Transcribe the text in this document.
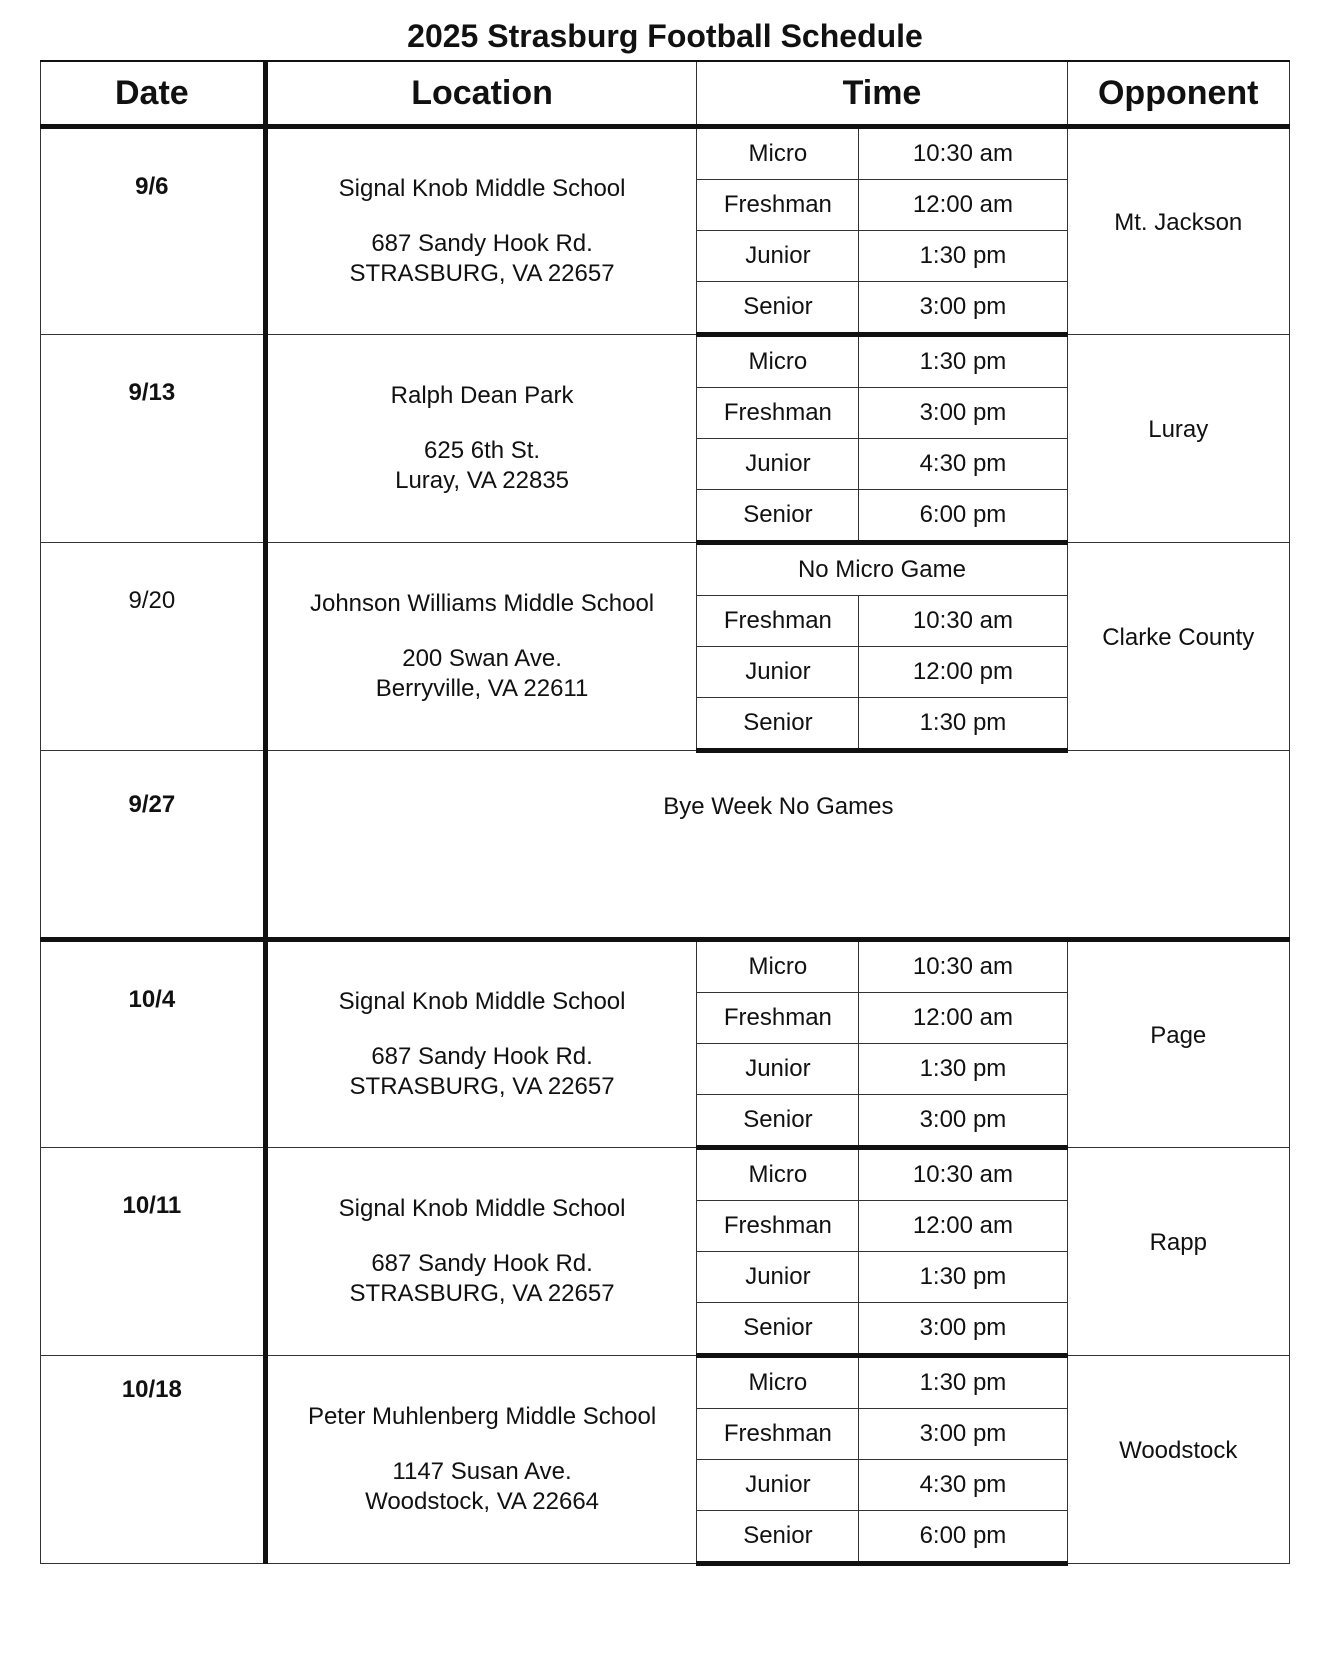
2025 Strasburg Football Schedule
Date	Location	Time		Opponent
9/6	Signal Knob Middle School
687 Sandy Hook Rd.
STRASBURG, VA 22657	Micro	10:30 am	Mt. Jackson
		Freshman	12:00 am	
		Junior	1:30 pm	
		Senior	3:00 pm	
9/13	Ralph Dean Park
625 6th St.
Luray, VA 22835	Micro	1:30 pm	Luray
		Freshman	3:00 pm	
		Junior	4:30 pm	
		Senior	6:00 pm	
9/20	Johnson Williams Middle School
200 Swan Ave.
Berryville, VA 22611	No Micro Game		Clarke County
		Freshman	10:30 am	
		Junior	12:00 pm	
		Senior	1:30 pm	
9/27	Bye Week No Games			
10/4	Signal Knob Middle School
687 Sandy Hook Rd.
STRASBURG, VA 22657	Micro	10:30 am	Page
		Freshman	12:00 am	
		Junior	1:30 pm	
		Senior	3:00 pm	
10/11	Signal Knob Middle School
687 Sandy Hook Rd.
STRASBURG, VA 22657	Micro	10:30 am	Rapp
		Freshman	12:00 am	
		Junior	1:30 pm	
		Senior	3:00 pm	
10/18	Peter Muhlenberg Middle School
1147 Susan Ave.
Woodstock, VA 22664	Micro	1:30 pm	Woodstock
		Freshman	3:00 pm	
		Junior	4:30 pm	
		Senior	6:00 pm	
